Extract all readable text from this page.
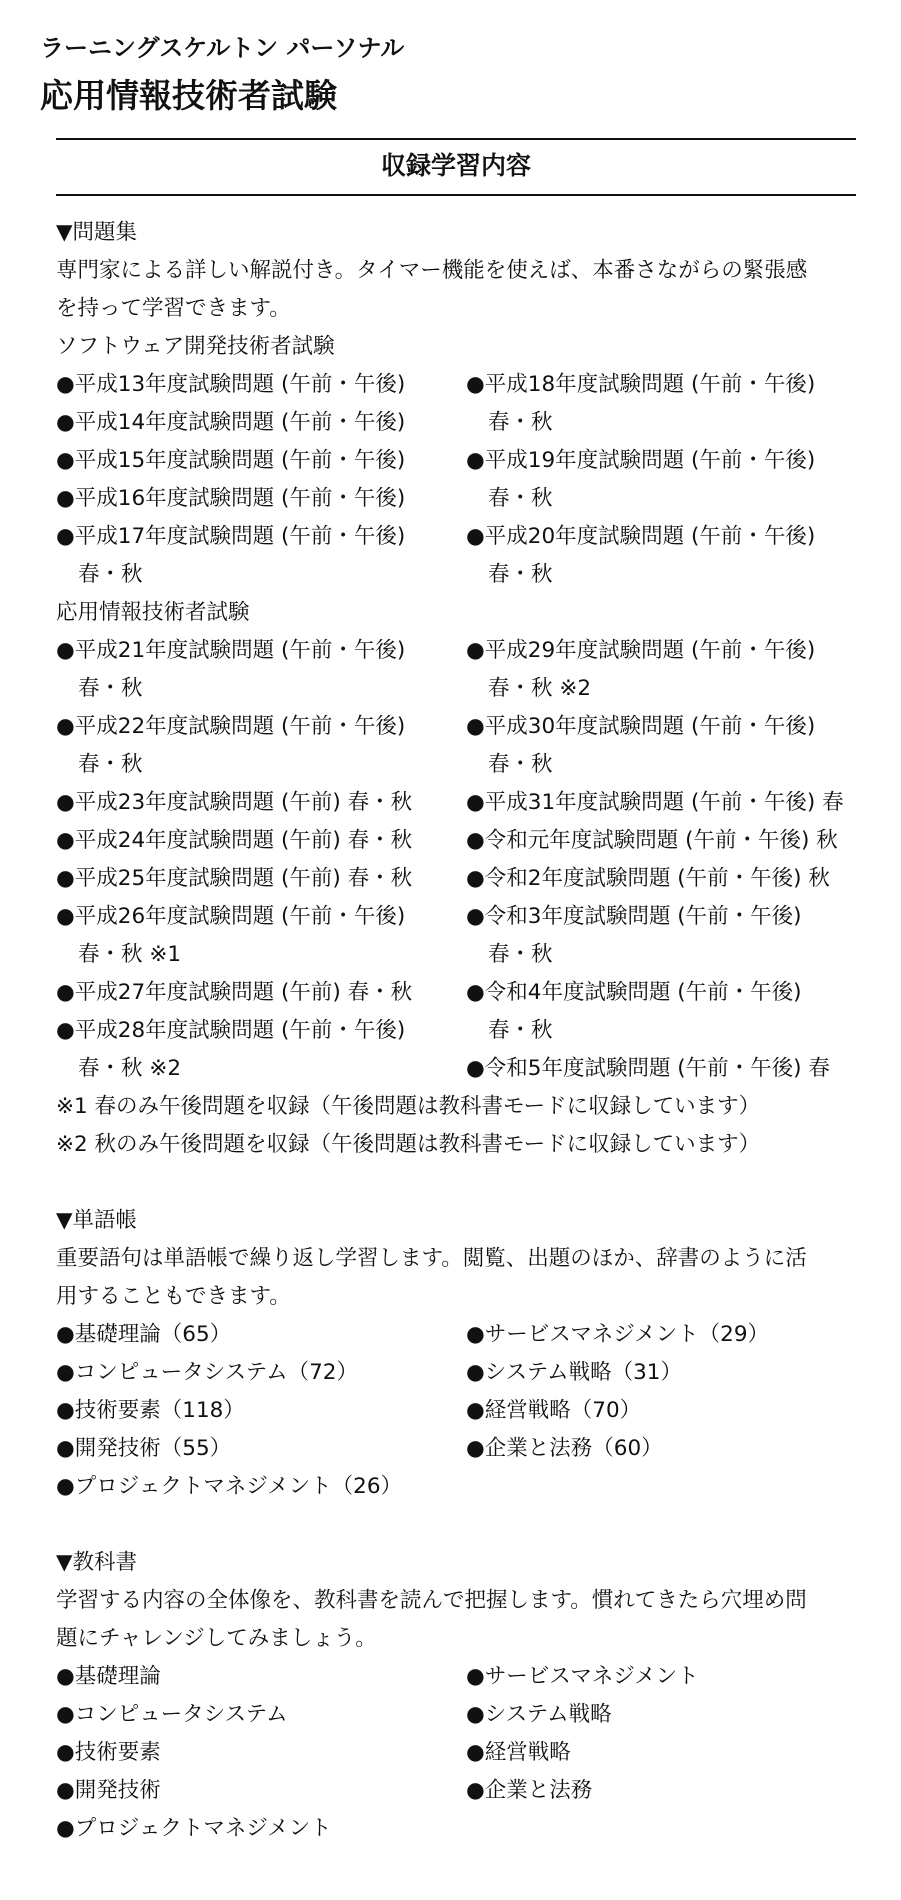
ラーニングスケルトン パーソナル
応用情報技術者試験
収録学習内容

▼問題集

専門家による詳しい解説付き。タイマー機能を使えば、本番さながらの緊張感

を持って学習できます。

ソフトウェア開発技術者試験

●平成13年度試験問題 (午前・午後)
●平成14年度試験問題 (午前・午後)
●平成15年度試験問題 (午前・午後)
●平成16年度試験問題 (午前・午後)
●平成17年度試験問題 (午前・午後)
春・秋
●平成18年度試験問題 (午前・午後)
春・秋
●平成19年度試験問題 (午前・午後)
春・秋
●平成20年度試験問題 (午前・午後)
春・秋

応用情報技術者試験

●平成21年度試験問題 (午前・午後)
春・秋
●平成22年度試験問題 (午前・午後)
春・秋
●平成23年度試験問題 (午前) 春・秋
●平成24年度試験問題 (午前) 春・秋
●平成25年度試験問題 (午前) 春・秋
●平成26年度試験問題 (午前・午後)
春・秋 ※1
●平成27年度試験問題 (午前) 春・秋
●平成28年度試験問題 (午前・午後)
春・秋 ※2
●平成29年度試験問題 (午前・午後)
春・秋 ※2
●平成30年度試験問題 (午前・午後)
春・秋
●平成31年度試験問題 (午前・午後) 春
●令和元年度試験問題 (午前・午後) 秋
●令和2年度試験問題 (午前・午後) 秋
●令和3年度試験問題 (午前・午後)
春・秋
●令和4年度試験問題 (午前・午後)
春・秋
●令和5年度試験問題 (午前・午後) 春

※1 春のみ午後問題を収録（午後問題は教科書モードに収録しています）

※2 秋のみ午後問題を収録（午後問題は教科書モードに収録しています）

▼単語帳

重要語句は単語帳で繰り返し学習します。閲覧、出題のほか、辞書のように活

用することもできます。

●基礎理論（65）
●コンピュータシステム（72）
●技術要素（118）
●開発技術（55）
●プロジェクトマネジメント（26）
●サービスマネジメント（29）
●システム戦略（31）
●経営戦略（70）
●企業と法務（60）

▼教科書

学習する内容の全体像を、教科書を読んで把握します。慣れてきたら穴埋め問

題にチャレンジしてみましょう。

●基礎理論
●コンピュータシステム
●技術要素
●開発技術
●プロジェクトマネジメント
●サービスマネジメント
●システム戦略
●経営戦略
●企業と法務
